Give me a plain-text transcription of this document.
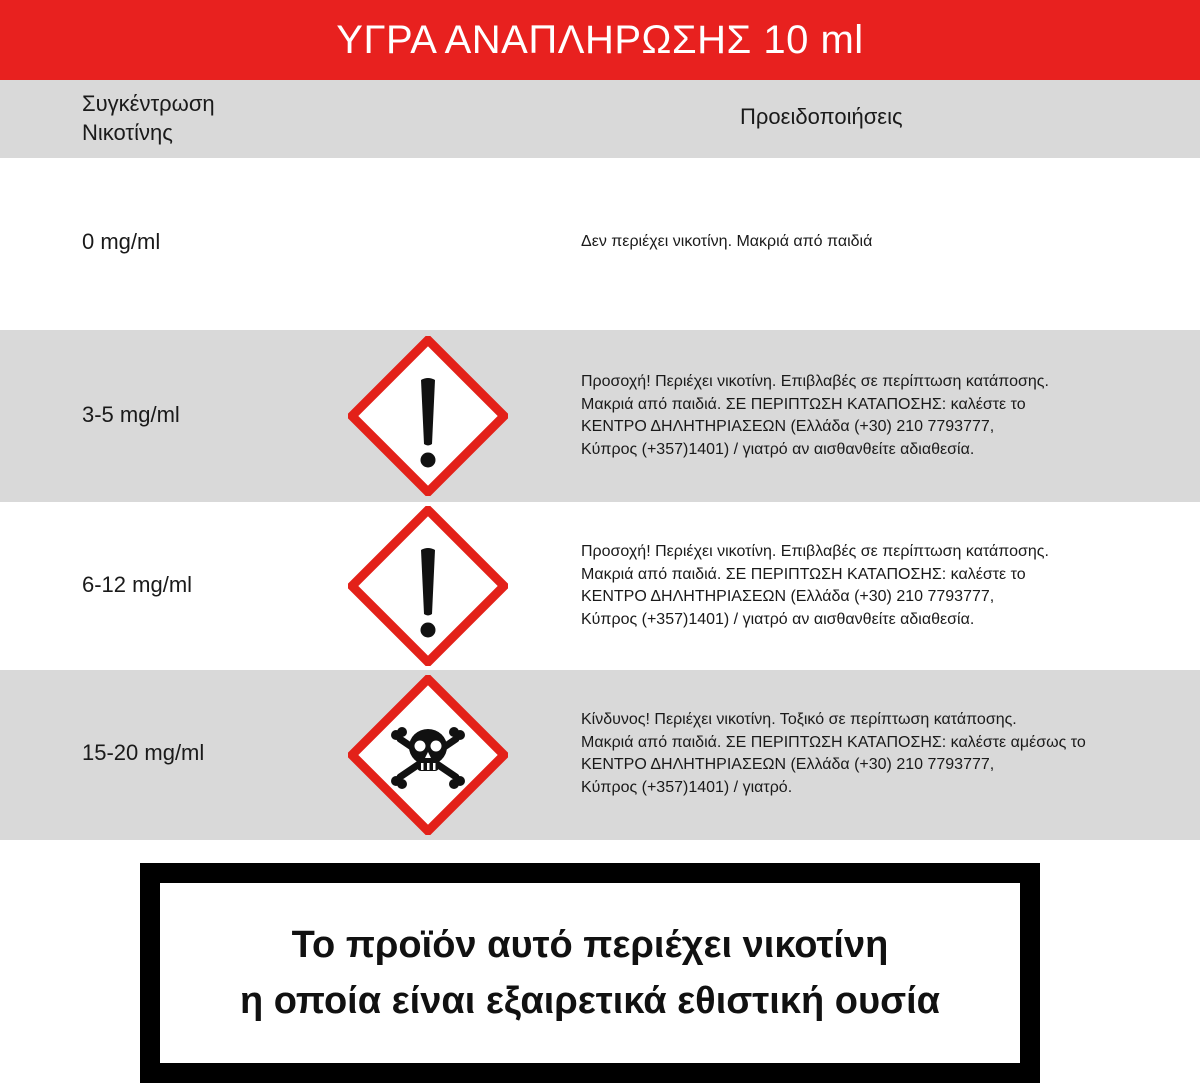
ΥΓΡΑ ΑΝΑΠΛΗΡΩΣΗΣ 10 ml
Συγκέντρωση
Νικοτίνης
Προειδοποιήσεις
0 mg/ml	Δεν περιέχει νικοτίνη. Μακριά από παιδιά
3-5 mg/ml
Προσοχή! Περιέχει νικοτίνη. Επιβλαβές σε περίπτωση κατάποσης.
Μακριά από παιδιά. ΣΕ ΠΕΡΙΠΤΩΣΗ ΚΑΤΑΠΟΣΗΣ: καλέστε το
ΚΕΝΤΡΟ ΔΗΛΗΤΗΡΙΑΣΕΩΝ (Ελλάδα (+30) 210 7793777,
Κύπρος (+357)1401) / γιατρό αν αισθανθείτε αδιαθεσία.
6-12 mg/ml
Προσοχή! Περιέχει νικοτίνη. Επιβλαβές σε περίπτωση κατάποσης.
Μακριά από παιδιά. ΣΕ ΠΕΡΙΠΤΩΣΗ ΚΑΤΑΠΟΣΗΣ: καλέστε το
ΚΕΝΤΡΟ ΔΗΛΗΤΗΡΙΑΣΕΩΝ (Ελλάδα (+30) 210 7793777,
Κύπρος (+357)1401) / γιατρό αν αισθανθείτε αδιαθεσία.
15-20 mg/ml
Κίνδυνος! Περιέχει νικοτίνη. Τοξικό σε περίπτωση κατάποσης.
Μακριά από παιδιά. ΣΕ ΠΕΡΙΠΤΩΣΗ ΚΑΤΑΠΟΣΗΣ: καλέστε αμέσως το
ΚΕΝΤΡΟ ΔΗΛΗΤΗΡΙΑΣΕΩΝ (Ελλάδα (+30) 210 7793777,
Κύπρος (+357)1401) / γιατρό.
Το προϊόν αυτό περιέχει νικοτίνη
η οποία είναι εξαιρετικά εθιστική ουσία
